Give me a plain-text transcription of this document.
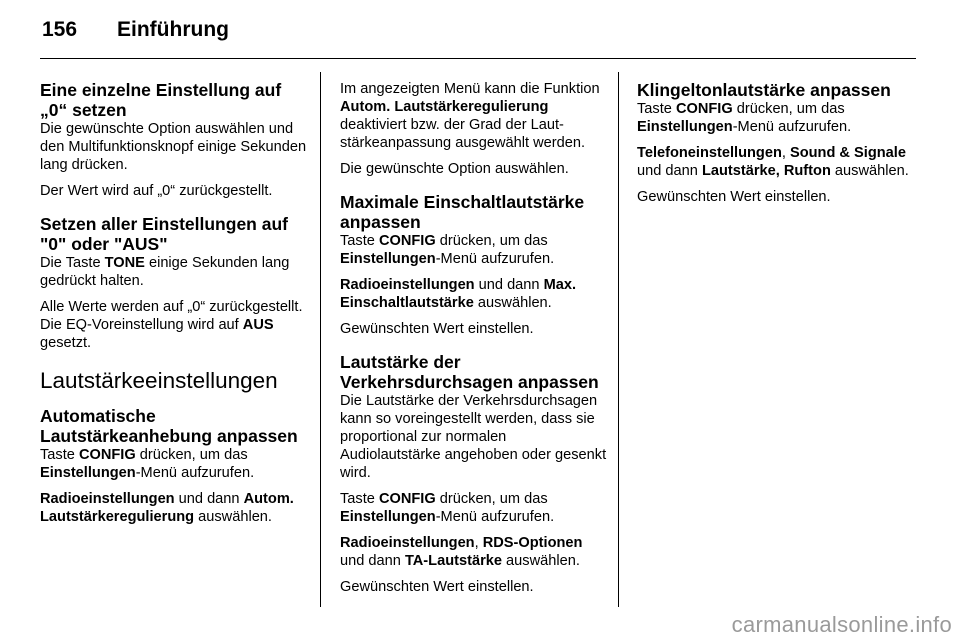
156 Einführung
Eine einzelne Einstellung auf „0“ setzen

Die gewünschte Option auswählen und den Multifunktionsknopf einige Sekunden lang drücken.

Der Wert wird auf „0“ zurückgestellt.

Setzen aller Einstellungen auf "0" oder "AUS"

Die Taste TONE einige Sekunden lang gedrückt halten.

Alle Werte werden auf „0“ zurückgestellt. Die EQ-Voreinstellung wird auf AUS gesetzt.

Lautstärkeeinstellungen
Automatische Lautstärkeanhebung anpassen

Taste CONFIG drücken, um das Einstellungen-Menü aufzurufen.

Radioeinstellungen und dann Autom. Lautstärkeregulierung auswählen.

Im angezeigten Menü kann die Funktion Autom. Lautstärkeregulierung deaktiviert bzw. der Grad der Lautstärkeanpassung ausgewählt werden.

Die gewünschte Option auswählen.

Maximale Einschaltlautstärke anpassen

Taste CONFIG drücken, um das Einstellungen-Menü aufzurufen.

Radioeinstellungen und dann Max. Einschaltlautstärke auswählen.

Gewünschten Wert einstellen.

Lautstärke der Verkehrsdurchsagen anpassen

Die Lautstärke der Verkehrsdurchsagen kann so voreingestellt werden, dass sie proportional zur normalen Audiolautstärke angehoben oder gesenkt wird.

Taste CONFIG drücken, um das Einstellungen-Menü aufzurufen.

Radioeinstellungen, RDS-Optionen und dann TA-Lautstärke auswählen.

Gewünschten Wert einstellen.

Klingeltonlautstärke anpassen

Taste CONFIG drücken, um das Einstellungen-Menü aufzurufen.

Telefoneinstellungen, Sound & Signale und dann Lautstärke, Rufton auswählen.

Gewünschten Wert einstellen.

carmanualsonline.info
